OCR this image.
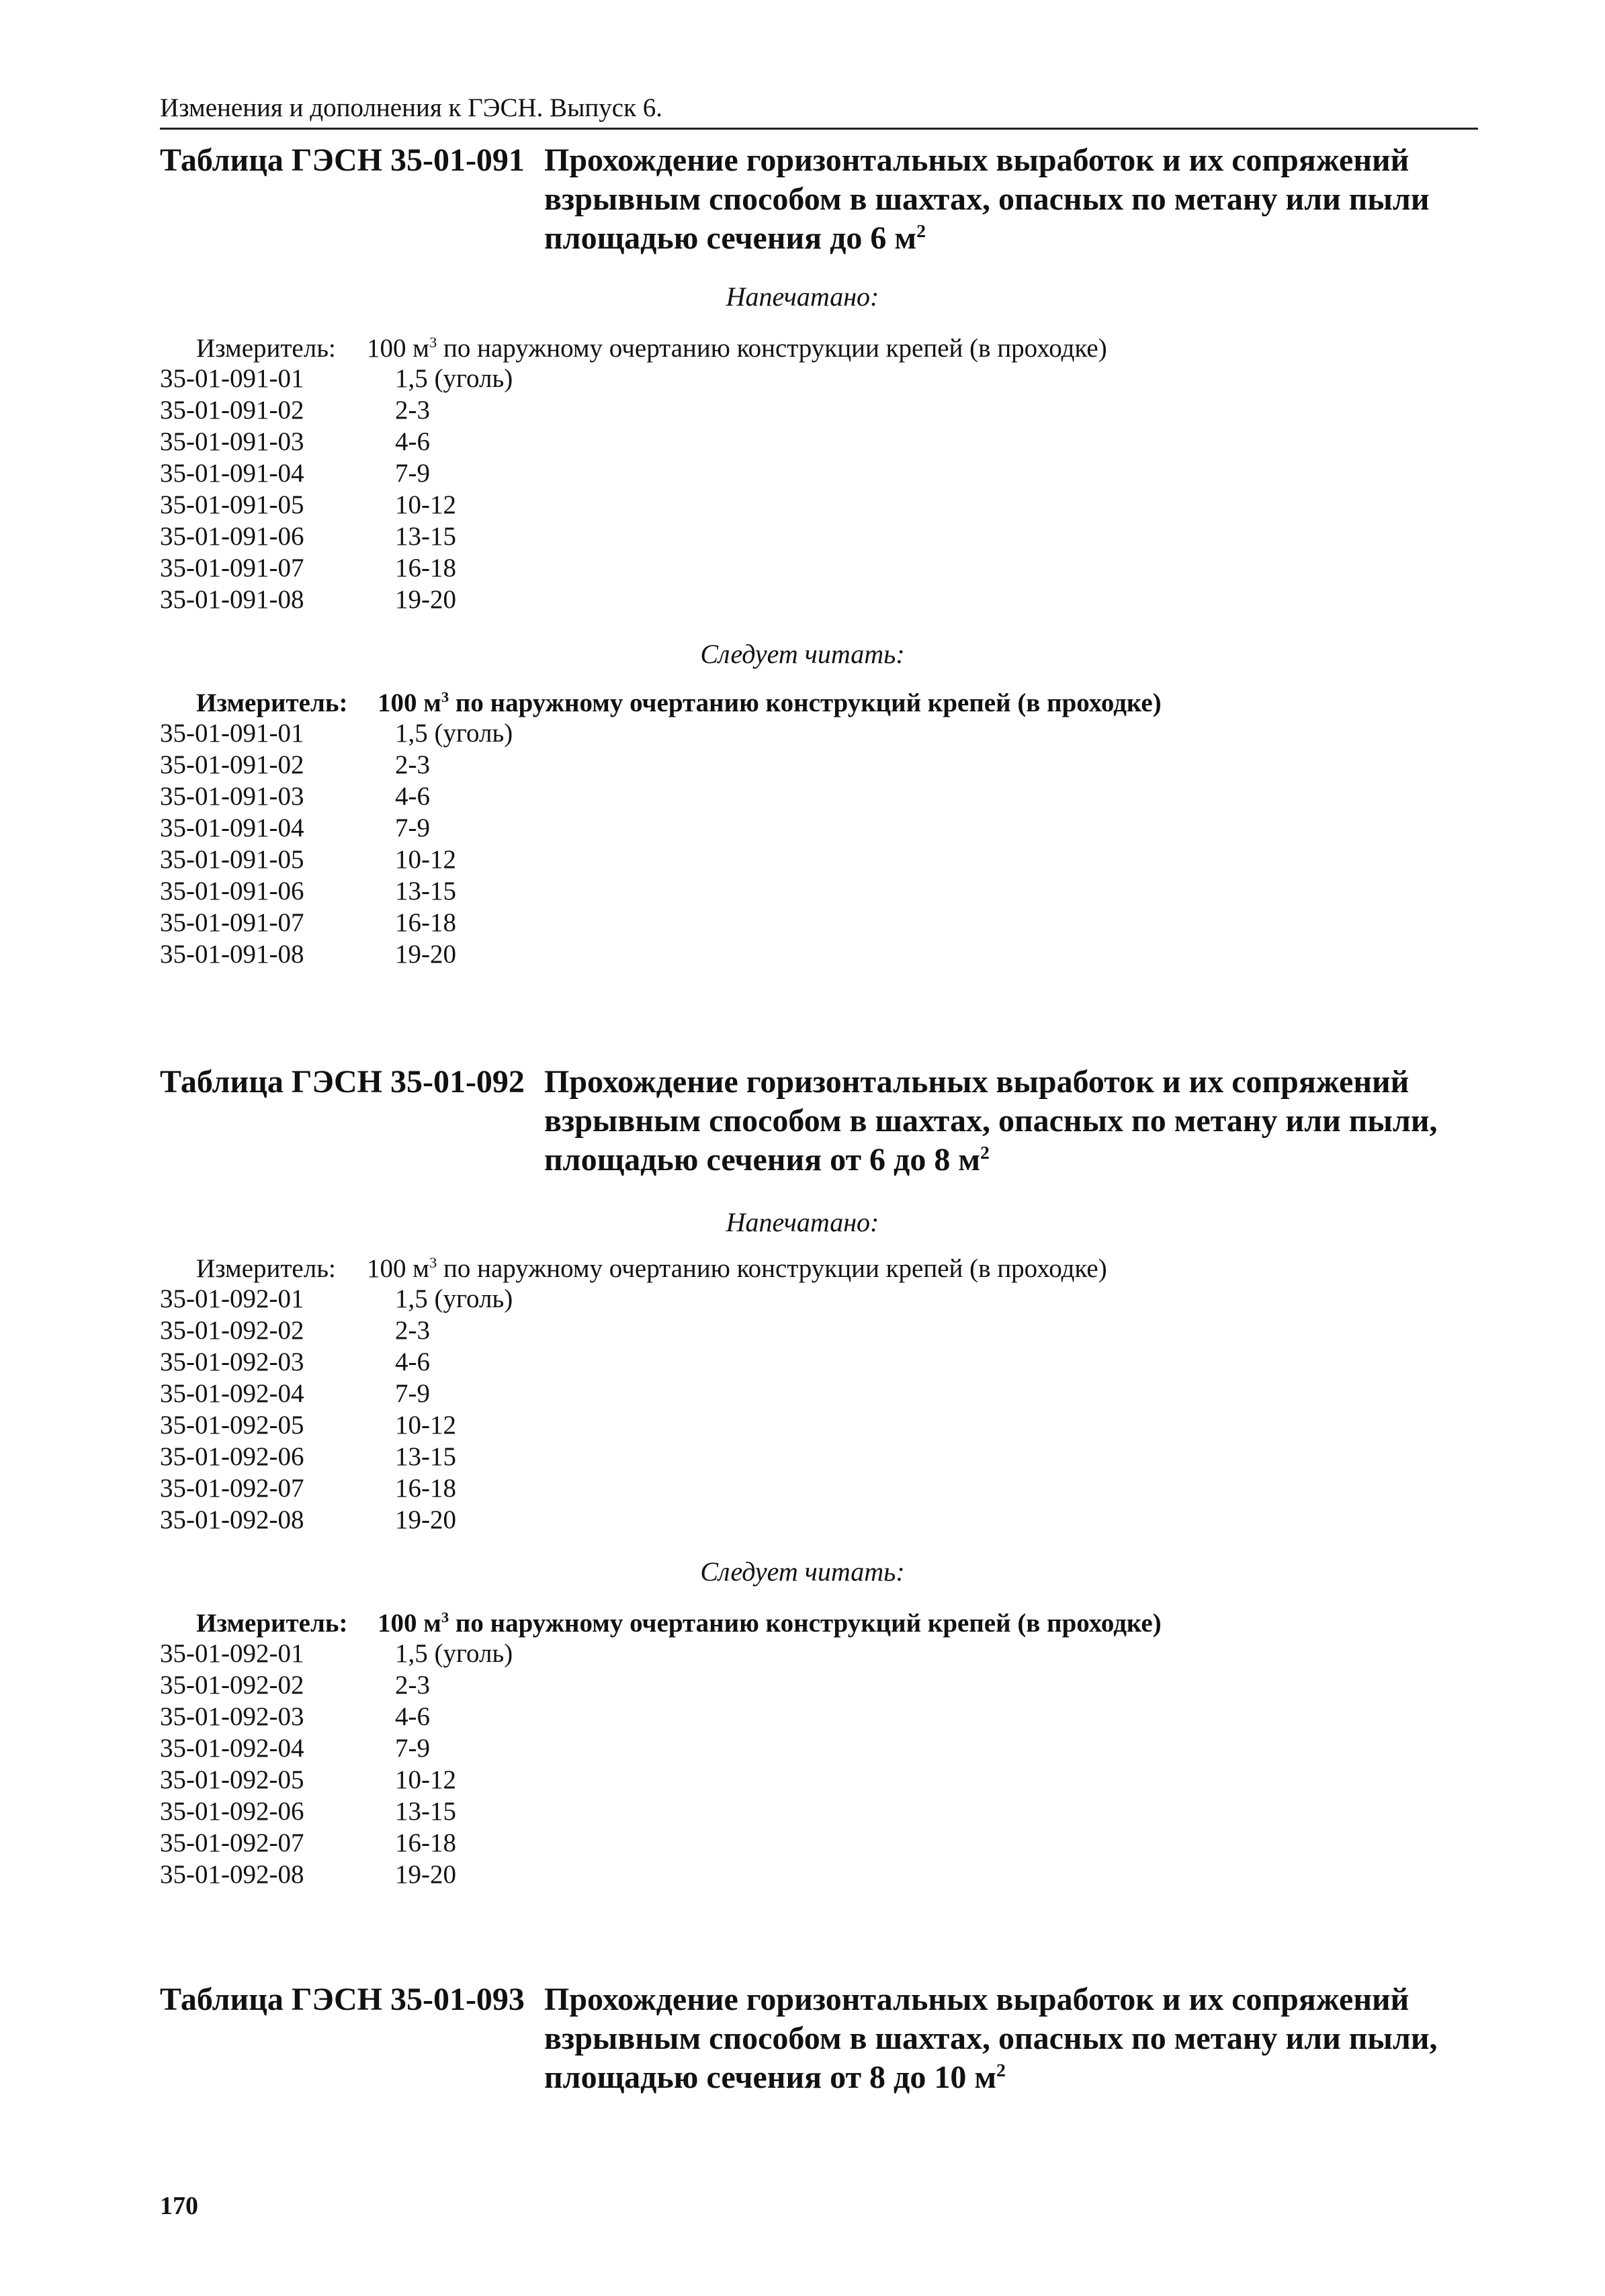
Изменения и дополнения к ГЭСН. Выпуск 6.
Таблица ГЭСН 35-01-091 Прохождение горизонтальных выработок и их сопряжений
взрывным способом в шахтах, опасных по метану или пыли
площадью сечения до 6 $м^2$
Напечатано:
Измеритель: 100 $м^3$ по наружному очертанию конструкции крепей (в проходке)
35-01-091-01	1,5 (уголь)
35-01-091-02	2-3
35-01-091-03	4-6
35-01-091-04	7-9
35-01-091-05	10-12
35-01-091-06	13-15
35-01-091-07	16-18
35-01-091-08	19-20
Следует читать:
Измеритель: 100 $м^3$ по наружному очертанию конструкций крепей (в проходке)
35-01-091-01	1,5 (уголь)
35-01-091-02	2-3
35-01-091-03	4-6
35-01-091-04	7-9
35-01-091-05	10-12
35-01-091-06	13-15
35-01-091-07	16-18
35-01-091-08	19-20
Таблица ГЭСН 35-01-092 Прохождение горизонтальных выработок и их сопряжений
взрывным способом в шахтах, опасных по метану или пыли,
площадью сечения от 6 до 8 $м^2$
Напечатано:
Измеритель: 100 $м^3$ по наружному очертанию конструкции крепей (в проходке)
35-01-092-01	1,5 (уголь)
35-01-092-02	2-3
35-01-092-03	4-6
35-01-092-04	7-9
35-01-092-05	10-12
35-01-092-06	13-15
35-01-092-07	16-18
35-01-092-08	19-20
Следует читать:
Измеритель: 100 $м^3$ по наружному очертанию конструкций крепей (в проходке)
35-01-092-01	1,5 (уголь)
35-01-092-02	2-3
35-01-092-03	4-6
35-01-092-04	7-9
35-01-092-05	10-12
35-01-092-06	13-15
35-01-092-07	16-18
35-01-092-08	19-20
Таблица ГЭСН 35-01-093 Прохождение горизонтальных выработок и их сопряжений
взрывным способом в шахтах, опасных по метану или пыли,
площадью сечения от 8 до 10 $м^2$
170
